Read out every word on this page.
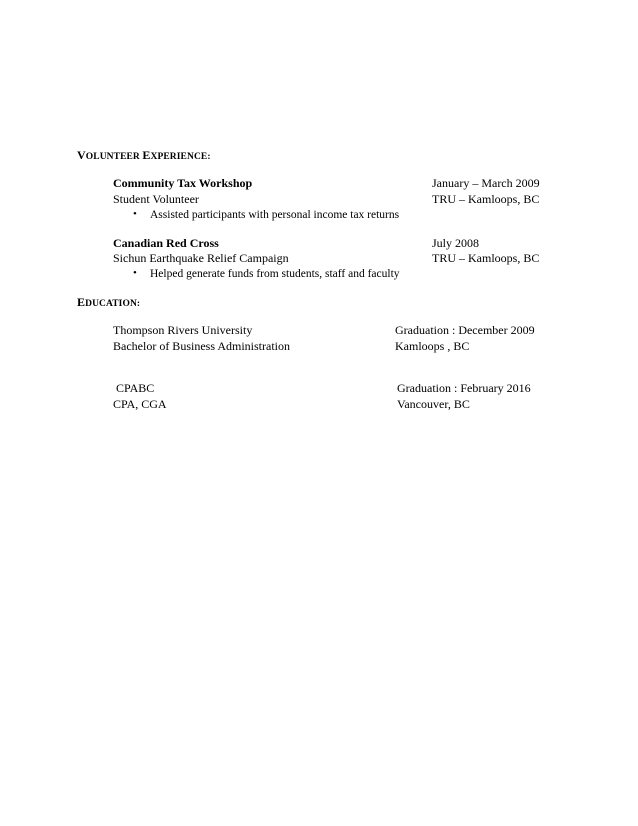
VOLUNTEER EXPERIENCE:
Community Tax Workshop	January – March 2009
Student Volunteer	TRU – Kamloops, BC
• Assisted participants with personal income tax returns
Canadian Red Cross	July 2008
Sichun Earthquake Relief Campaign	TRU – Kamloops, BC
• Helped generate funds from students, staff and faculty
EDUCATION:
Thompson Rivers University	Graduation : December 2009
Bachelor of Business Administration	Kamloops , BC
CPABC	Graduation : February 2016
CPA, CGA	Vancouver, BC
